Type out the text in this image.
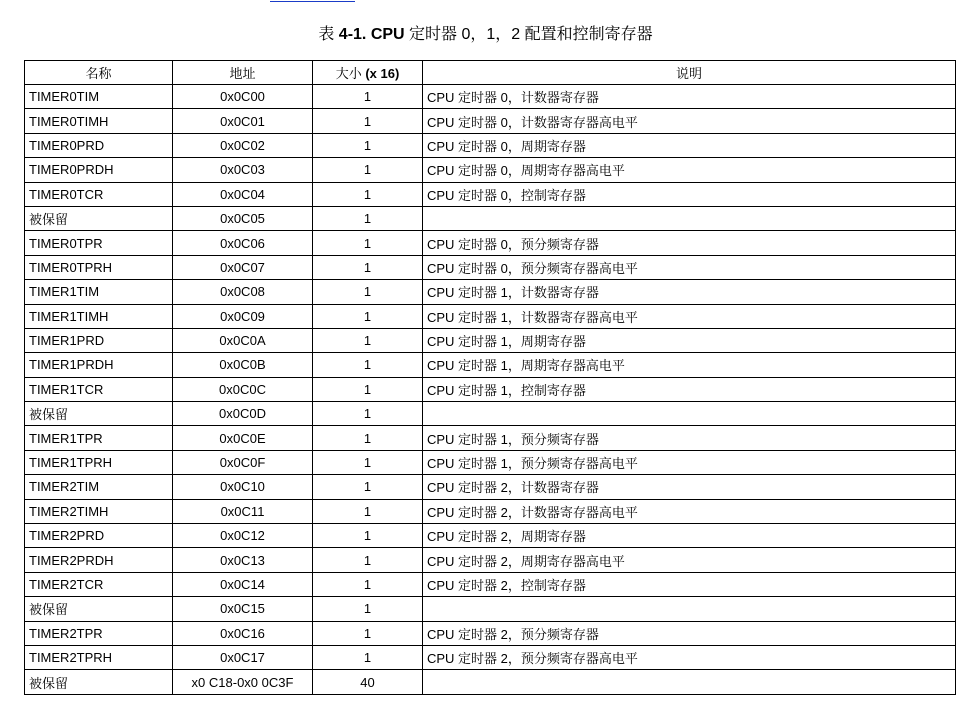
表 4-1. CPU 定时器 0，1，2 配置和控制寄存器
名称	地址	大小 (x 16)	说明
TIMER0TIM	0x0C00	1	CPU 定时器 0，计数器寄存器
TIMER0TIMH	0x0C01	1	CPU 定时器 0，计数器寄存器高电平
TIMER0PRD	0x0C02	1	CPU 定时器 0，周期寄存器
TIMER0PRDH	0x0C03	1	CPU 定时器 0，周期寄存器高电平
TIMER0TCR	0x0C04	1	CPU 定时器 0，控制寄存器
被保留	0x0C05	1	
TIMER0TPR	0x0C06	1	CPU 定时器 0，预分频寄存器
TIMER0TPRH	0x0C07	1	CPU 定时器 0，预分频寄存器高电平
TIMER1TIM	0x0C08	1	CPU 定时器 1，计数器寄存器
TIMER1TIMH	0x0C09	1	CPU 定时器 1，计数器寄存器高电平
TIMER1PRD	0x0C0A	1	CPU 定时器 1，周期寄存器
TIMER1PRDH	0x0C0B	1	CPU 定时器 1，周期寄存器高电平
TIMER1TCR	0x0C0C	1	CPU 定时器 1，控制寄存器
被保留	0x0C0D	1	
TIMER1TPR	0x0C0E	1	CPU 定时器 1，预分频寄存器
TIMER1TPRH	0x0C0F	1	CPU 定时器 1，预分频寄存器高电平
TIMER2TIM	0x0C10	1	CPU 定时器 2，计数器寄存器
TIMER2TIMH	0x0C11	1	CPU 定时器 2，计数器寄存器高电平
TIMER2PRD	0x0C12	1	CPU 定时器 2，周期寄存器
TIMER2PRDH	0x0C13	1	CPU 定时器 2，周期寄存器高电平
TIMER2TCR	0x0C14	1	CPU 定时器 2，控制寄存器
被保留	0x0C15	1	
TIMER2TPR	0x0C16	1	CPU 定时器 2，预分频寄存器
TIMER2TPRH	0x0C17	1	CPU 定时器 2，预分频寄存器高电平
被保留	x0 C18-0x0 0C3F	40	
